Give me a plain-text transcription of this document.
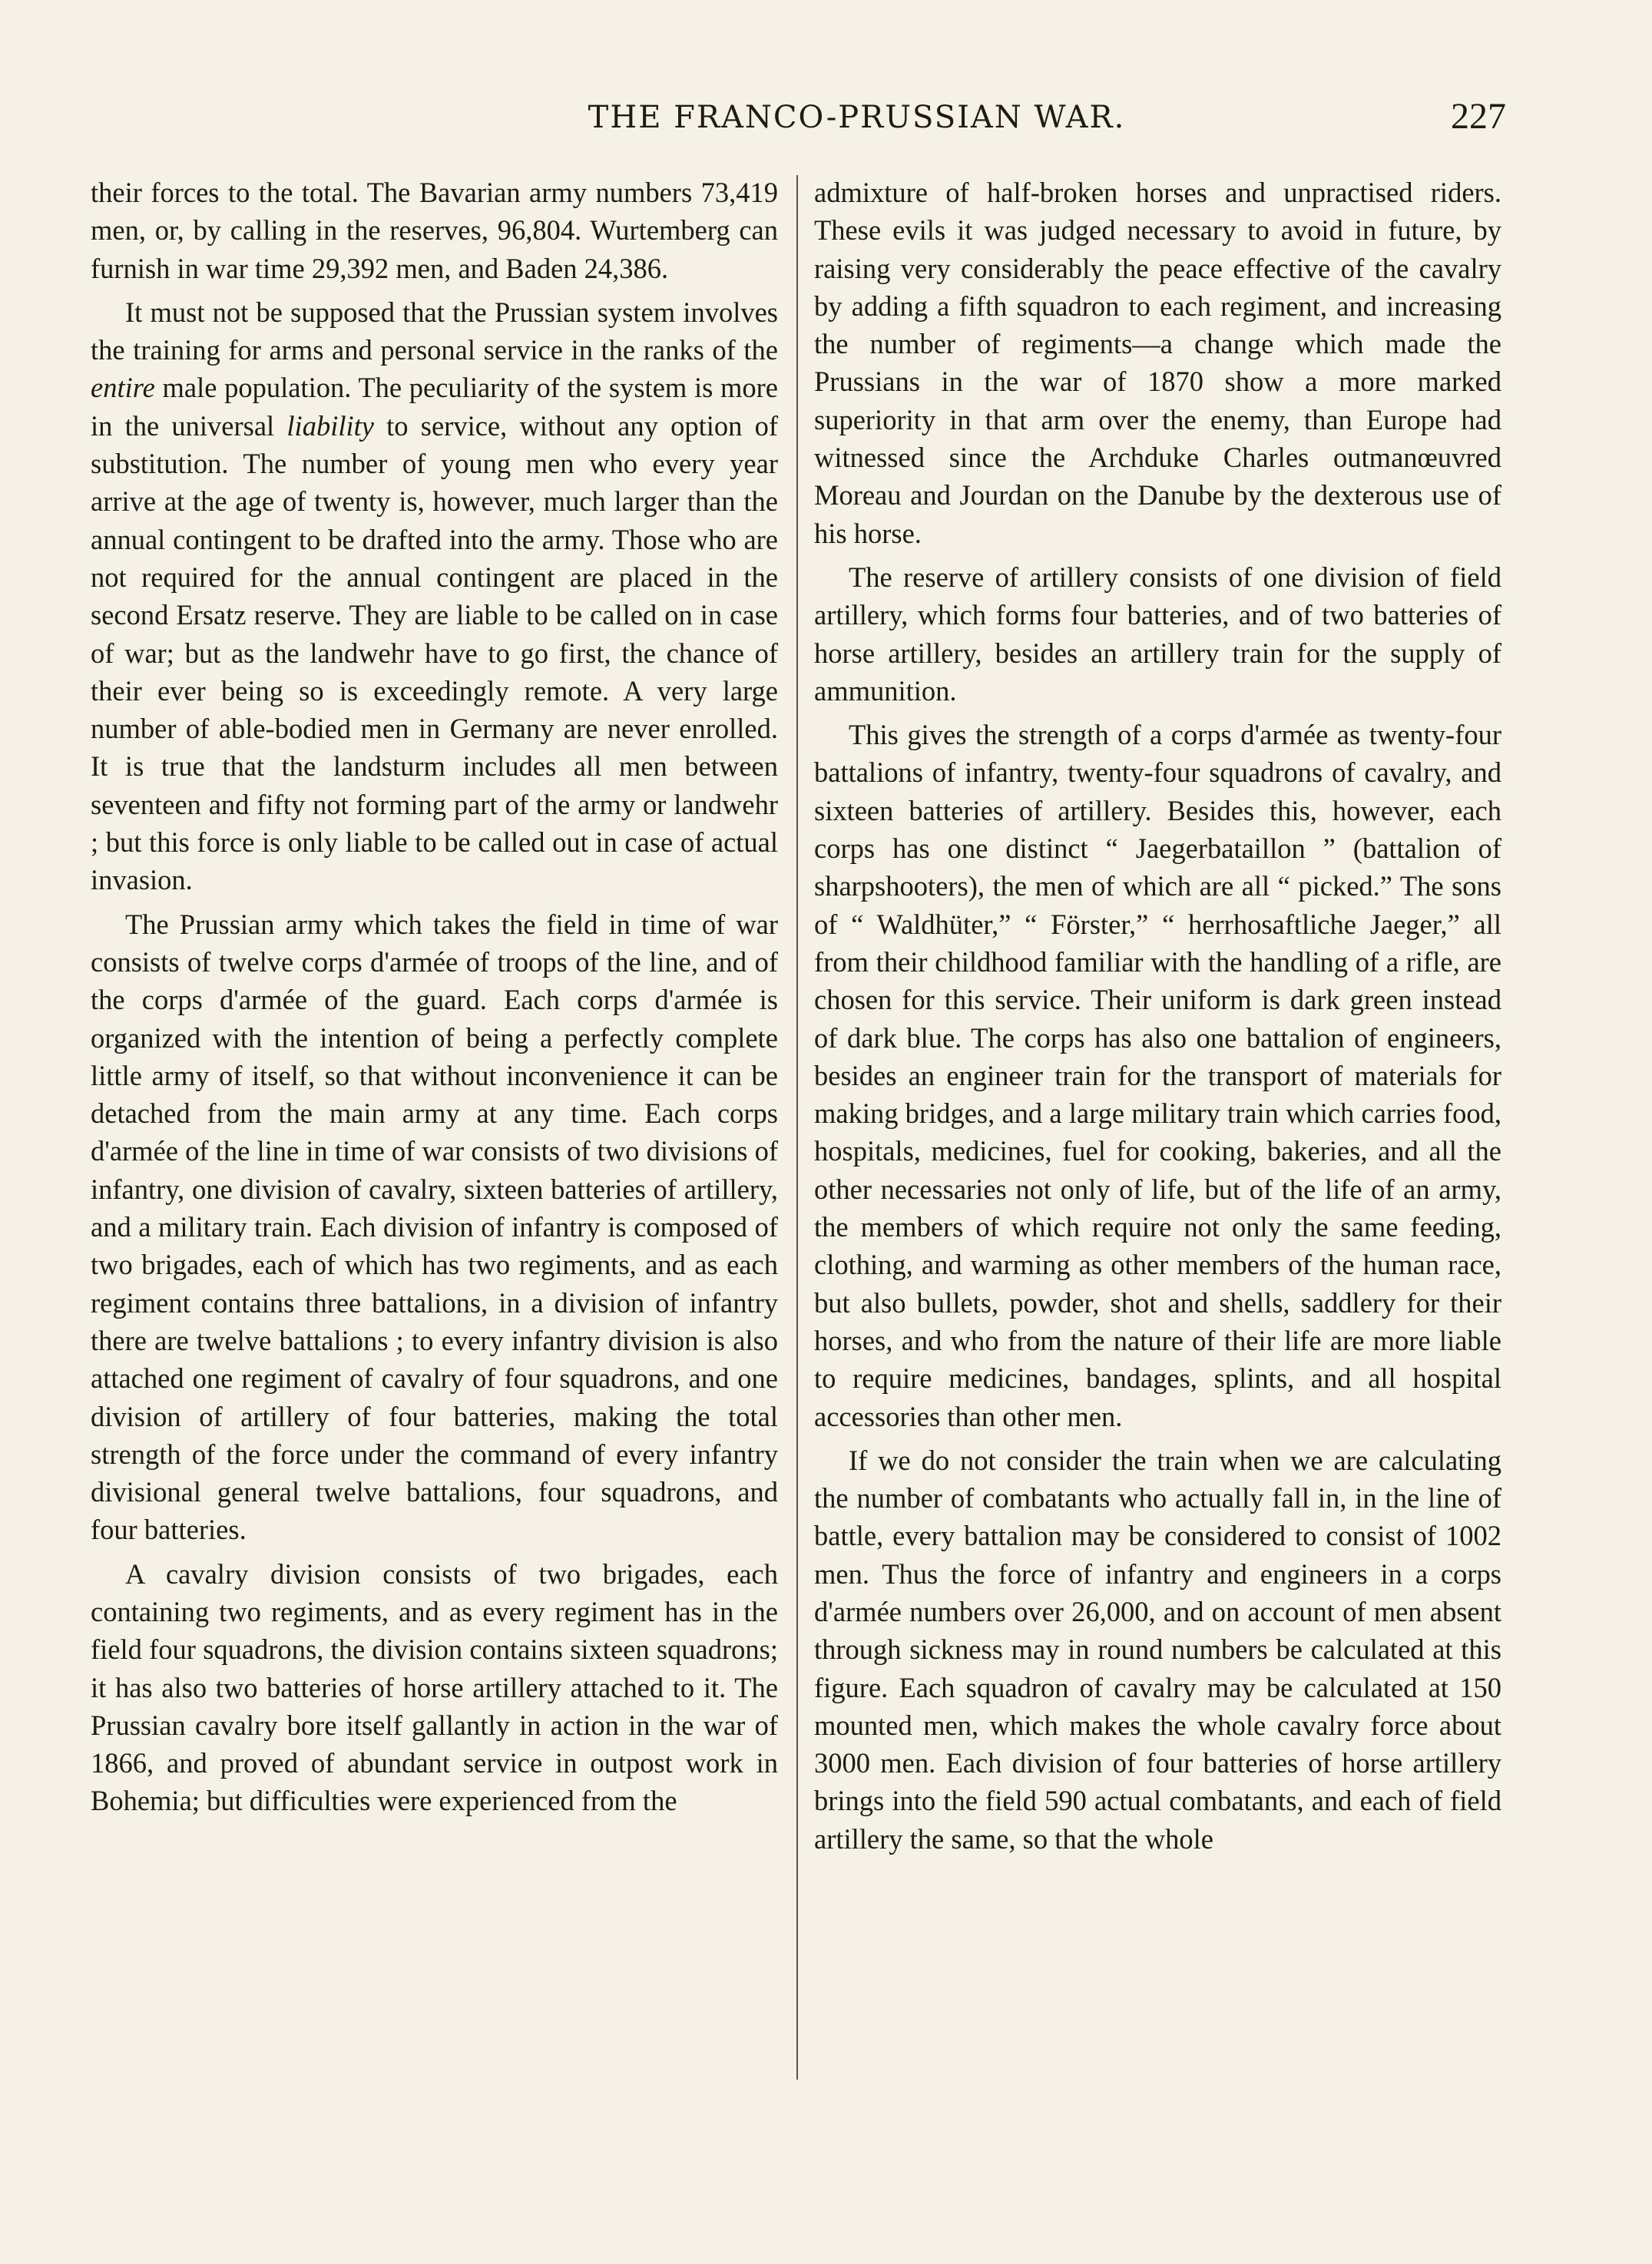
THE FRANCO-PRUSSIAN WAR.	227

their forces to the total. The Bavarian army numbers 73,419 men, or, by calling in the reserves, 96,804. Wurtemberg can furnish in war time 29,392 men, and Baden 24,386.

It must not be supposed that the Prussian system involves the training for arms and personal service in the ranks of the entire male population. The peculiarity of the system is more in the universal liability to service, without any option of substitution. The number of young men who every year arrive at the age of twenty is, however, much larger than the annual contingent to be drafted into the army. Those who are not required for the annual contingent are placed in the second Ersatz reserve. They are liable to be called on in case of war; but as the landwehr have to go first, the chance of their ever being so is exceedingly remote. A very large number of able-bodied men in Germany are never enrolled. It is true that the landsturm includes all men between seventeen and fifty not forming part of the army or landwehr ; but this force is only liable to be called out in case of actual invasion.

The Prussian army which takes the field in time of war consists of twelve corps d'armée of troops of the line, and of the corps d'armée of the guard. Each corps d'armée is organized with the intention of being a perfectly complete little army of itself, so that without inconvenience it can be detached from the main army at any time. Each corps d'armée of the line in time of war consists of two divisions of infantry, one division of cavalry, sixteen batteries of artillery, and a military train. Each division of infantry is composed of two brigades, each of which has two regiments, and as each regiment contains three battalions, in a division of infantry there are twelve battalions ; to every infantry division is also attached one regiment of cavalry of four squadrons, and one division of artillery of four batteries, making the total strength of the force under the command of every infantry divisional general twelve battalions, four squadrons, and four batteries.

A cavalry division consists of two brigades, each containing two regiments, and as every regiment has in the field four squadrons, the division contains sixteen squadrons; it has also two batteries of horse artillery attached to it. The Prussian cavalry bore itself gallantly in action in the war of 1866, and proved of abundant service in outpost work in Bohemia; but difficulties were experienced from the

admixture of half-broken horses and unpractised riders. These evils it was judged necessary to avoid in future, by raising very considerably the peace effective of the cavalry by adding a fifth squadron to each regiment, and increasing the number of regiments—a change which made the Prussians in the war of 1870 show a more marked superiority in that arm over the enemy, than Europe had witnessed since the Archduke Charles outmanœuvred Moreau and Jourdan on the Danube by the dexterous use of his horse.

The reserve of artillery consists of one division of field artillery, which forms four batteries, and of two batteries of horse artillery, besides an artillery train for the supply of ammunition.

This gives the strength of a corps d'armée as twenty-four battalions of infantry, twenty-four squadrons of cavalry, and sixteen batteries of artillery. Besides this, however, each corps has one distinct “ Jaegerbataillon ” (battalion of sharpshooters), the men of which are all “ picked.” The sons of “ Waldhüter,” “ Förster,” “ herrhosaftliche Jaeger,” all from their childhood familiar with the handling of a rifle, are chosen for this service. Their uniform is dark green instead of dark blue. The corps has also one battalion of engineers, besides an engineer train for the transport of materials for making bridges, and a large military train which carries food, hospitals, medicines, fuel for cooking, bakeries, and all the other necessaries not only of life, but of the life of an army, the members of which require not only the same feeding, clothing, and warming as other members of the human race, but also bullets, powder, shot and shells, saddlery for their horses, and who from the nature of their life are more liable to require medicines, bandages, splints, and all hospital accessories than other men.

If we do not consider the train when we are calculating the number of combatants who actually fall in, in the line of battle, every battalion may be considered to consist of 1002 men. Thus the force of infantry and engineers in a corps d'armée numbers over 26,000, and on account of men absent through sickness may in round numbers be calculated at this figure. Each squadron of cavalry may be calculated at 150 mounted men, which makes the whole cavalry force about 3000 men. Each division of four batteries of horse artillery brings into the field 590 actual combatants, and each of field artillery the same, so that the whole
